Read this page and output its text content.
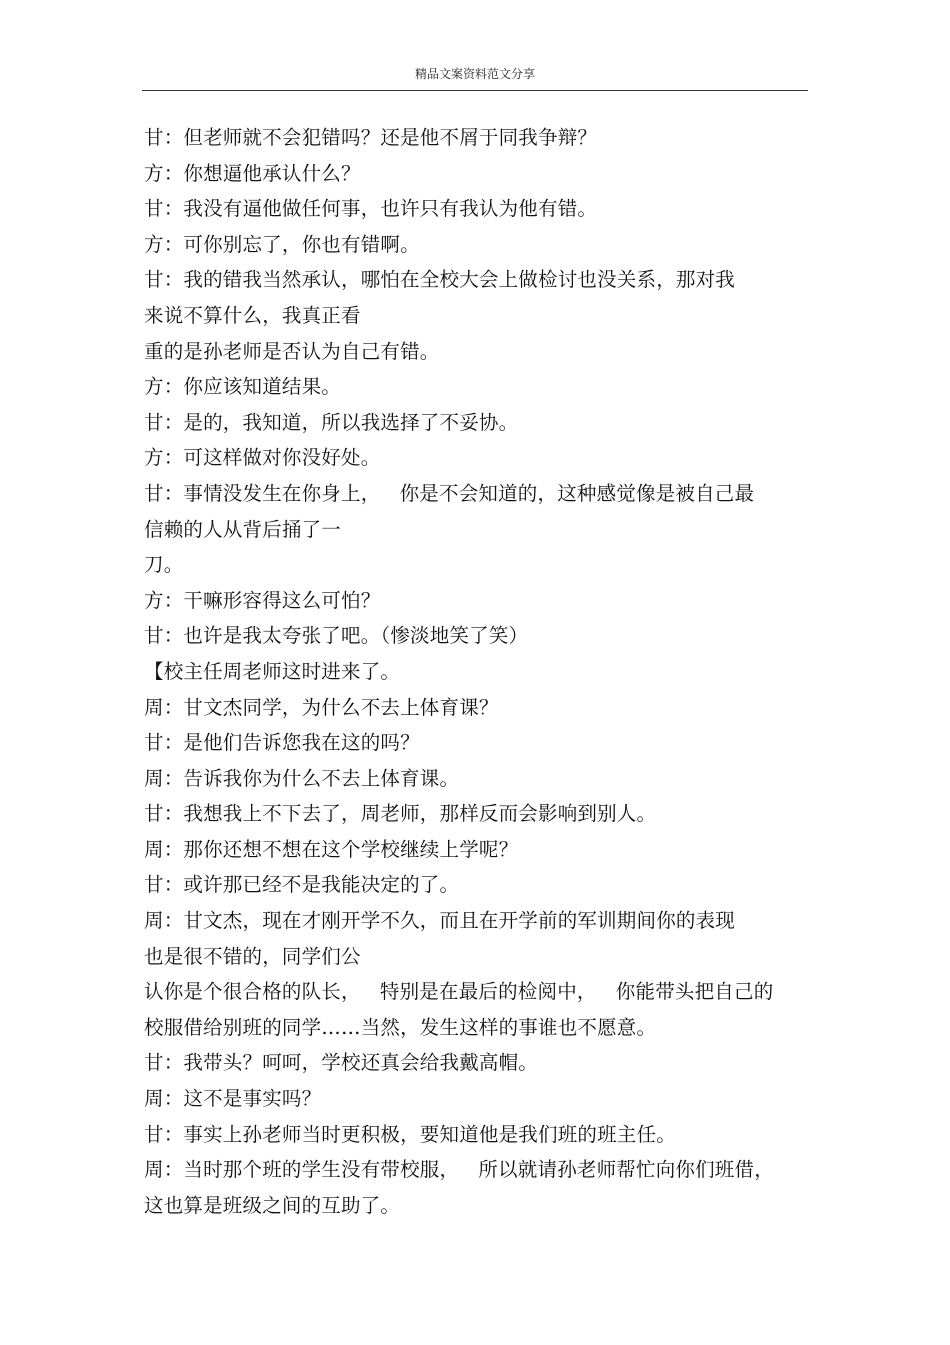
精品文案资料范文分享
甘：但老师就不会犯错吗？还是他不屑于同我争辩？
方：你想逼他承认什么？
甘：我没有逼他做任何事，也许只有我认为他有错。
方：可你别忘了，你也有错啊。
甘：我的错我当然承认，哪怕在全校大会上做检讨也没关系，那对我
来说不算什么，我真正看
重的是孙老师是否认为自己有错。
方：你应该知道结果。
甘：是的，我知道，所以我选择了不妥协。
方：可这样做对你没好处。
甘：事情没发生在你身上，   你是不会知道的，这种感觉像是被自己最
信赖的人从背后捅了一
刀。
方：干嘛形容得这么可怕？
甘：也许是我太夸张了吧。（惨淡地笑了笑）
【校主任周老师这时进来了。
周：甘文杰同学，为什么不去上体育课？
甘：是他们告诉您我在这的吗？
周：告诉我你为什么不去上体育课。
甘：我想我上不下去了，周老师，那样反而会影响到别人。
周：那你还想不想在这个学校继续上学呢？
甘：或许那已经不是我能决定的了。
周：甘文杰，现在才刚开学不久，而且在开学前的军训期间你的表现
也是很不错的，同学们公
认你是个很合格的队长，   特别是在最后的检阅中，   你能带头把自己的
校服借给别班的同学……当然，发生这样的事谁也不愿意。
甘：我带头？呵呵，学校还真会给我戴高帽。
周：这不是事实吗？
甘：事实上孙老师当时更积极，要知道他是我们班的班主任。
周：当时那个班的学生没有带校服，   所以就请孙老师帮忙向你们班借，
这也算是班级之间的互助了。
